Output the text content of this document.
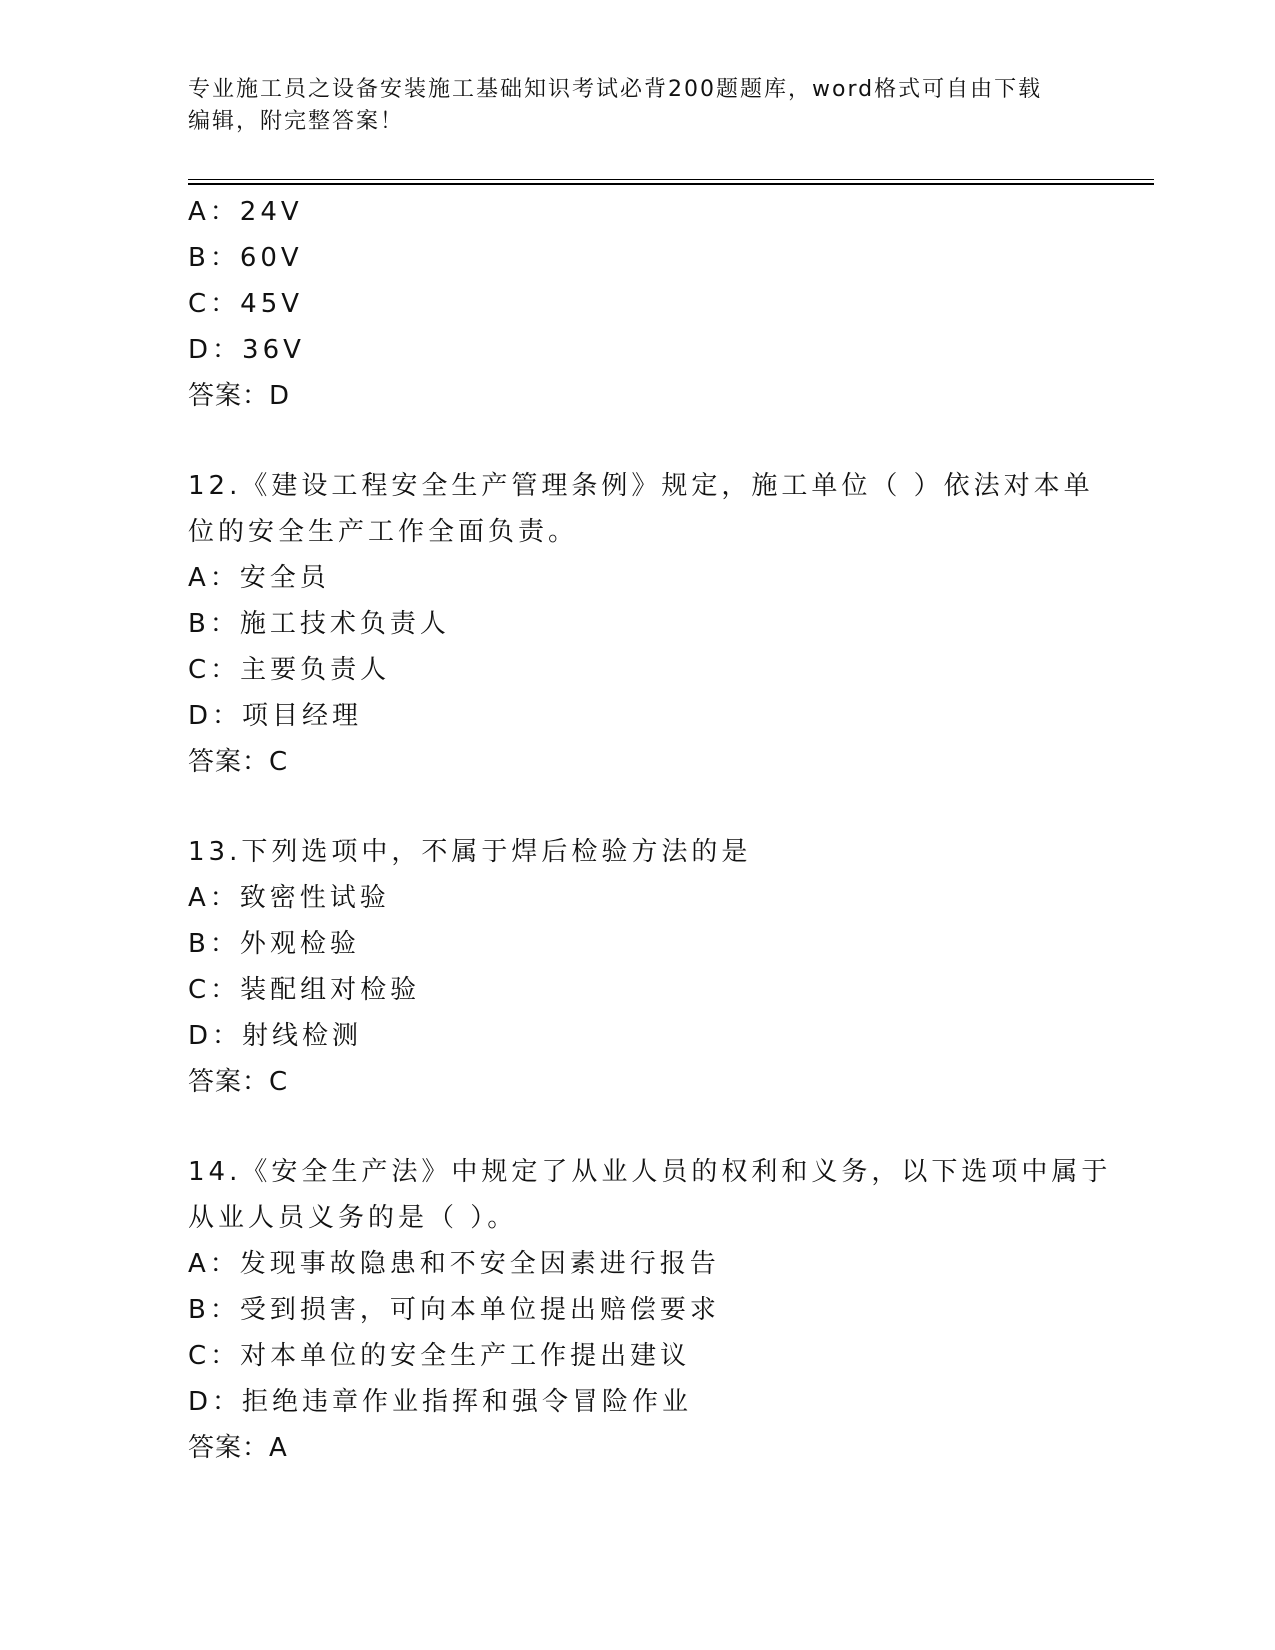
专业施工员之设备安装施工基础知识考试必背200题题库，word格式可自由下载
编辑，附完整答案！
A：24V
B：60V
C：45V
D：36V
答案：D
12.《建设工程安全生产管理条例》规定，施工单位（ ）依法对本单
位的安全生产工作全面负责。
A：安全员
B：施工技术负责人
C：主要负责人
D：项目经理
答案：C
13.下列选项中，不属于焊后检验方法的是
A：致密性试验
B：外观检验
C：装配组对检验
D：射线检测
答案：C
14.《安全生产法》中规定了从业人员的权利和义务，以下选项中属于
从业人员义务的是（ ）。
A：发现事故隐患和不安全因素进行报告
B：受到损害，可向本单位提出赔偿要求
C：对本单位的安全生产工作提出建议
D：拒绝违章作业指挥和强令冒险作业
答案：A
